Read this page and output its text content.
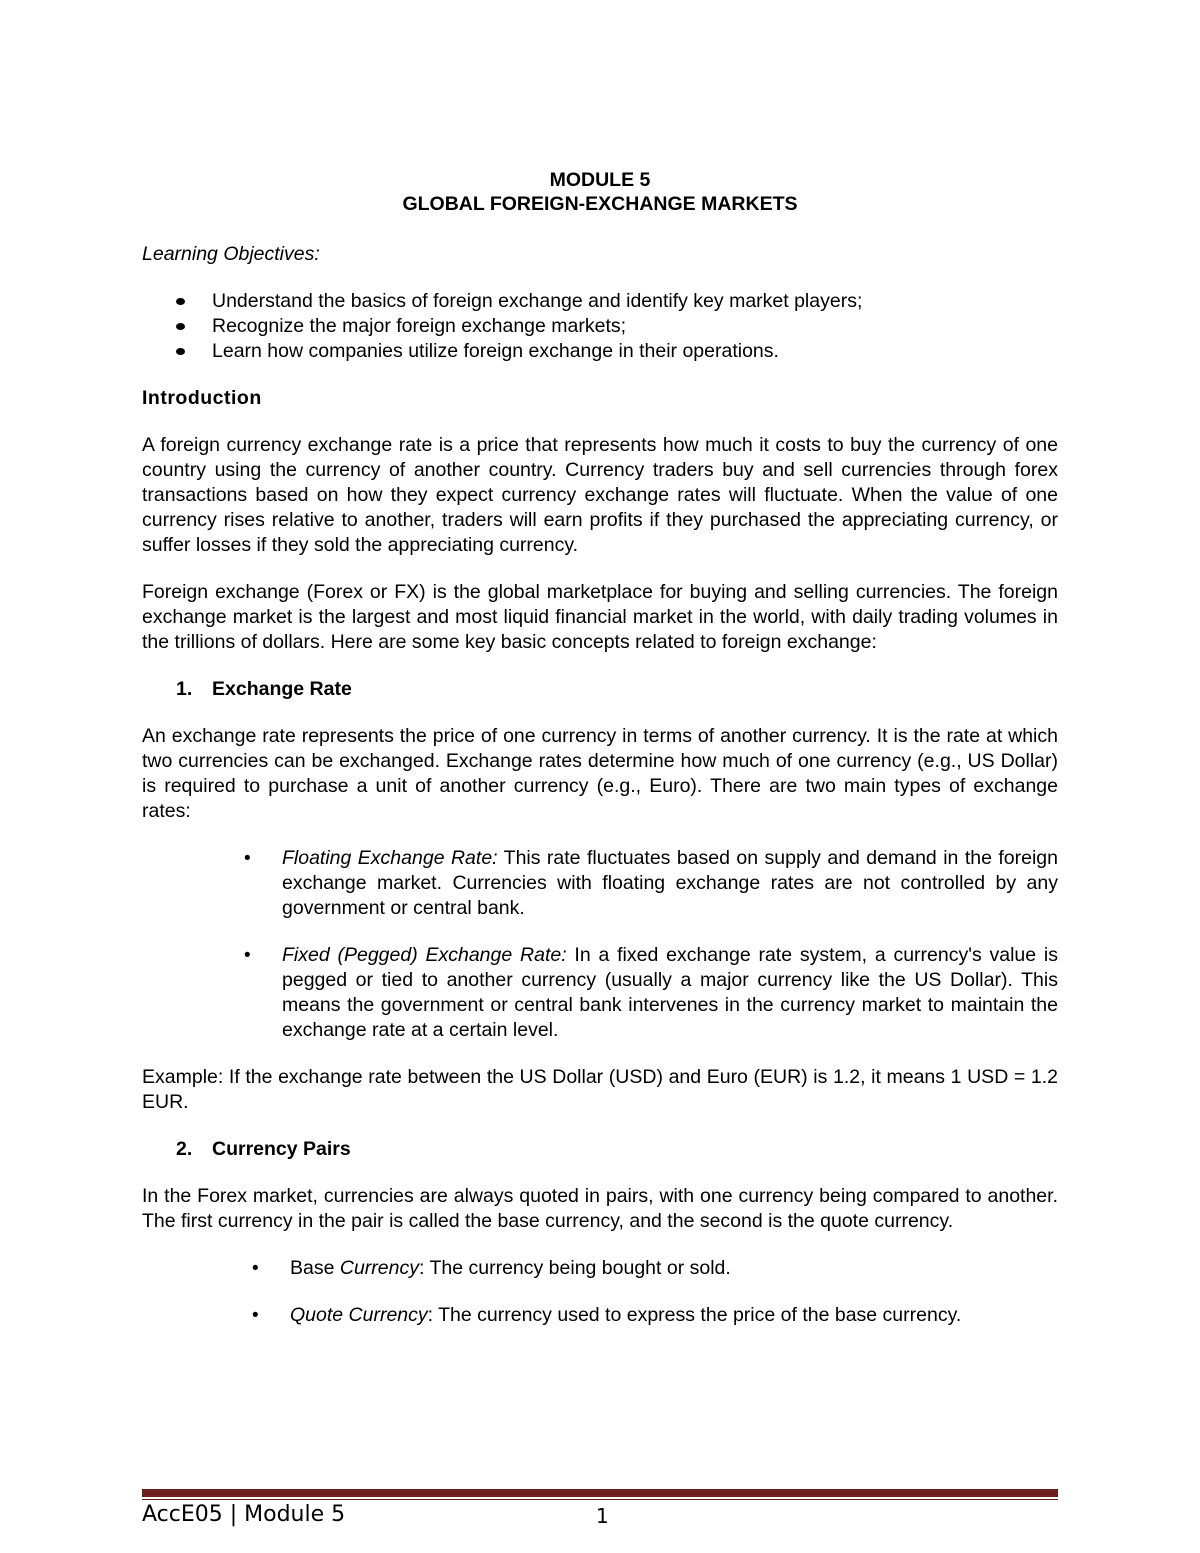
MODULE 5

GLOBAL FOREIGN-EXCHANGE MARKETS

Learning Objectives:

Understand the basics of foreign exchange and identify key market players;
Recognize the major foreign exchange markets;
Learn how companies utilize foreign exchange in their operations.

Introduction

A foreign currency exchange rate is a price that represents how much it costs to buy the currency of one country using the currency of another country. Currency traders buy and sell currencies through forex transactions based on how they expect currency exchange rates will fluctuate. When the value of one currency rises relative to another, traders will earn profits if they purchased the appreciating currency, or suffer losses if they sold the appreciating currency.

Foreign exchange (Forex or FX) is the global marketplace for buying and selling currencies. The foreign exchange market is the largest and most liquid financial market in the world, with daily trading volumes in the trillions of dollars. Here are some key basic concepts related to foreign exchange:

1. Exchange Rate

An exchange rate represents the price of one currency in terms of another currency. It is the rate at which two currencies can be exchanged. Exchange rates determine how much of one currency (e.g., US Dollar) is required to purchase a unit of another currency (e.g., Euro). There are two main types of exchange rates:

• Floating Exchange Rate: This rate fluctuates based on supply and demand in the foreign exchange market. Currencies with floating exchange rates are not controlled by any government or central bank.

• Fixed (Pegged) Exchange Rate: In a fixed exchange rate system, a currency's value is pegged or tied to another currency (usually a major currency like the US Dollar). This means the government or central bank intervenes in the currency market to maintain the exchange rate at a certain level.

Example: If the exchange rate between the US Dollar (USD) and Euro (EUR) is 1.2, it means 1 USD = 1.2 EUR.

2. Currency Pairs

In the Forex market, currencies are always quoted in pairs, with one currency being compared to another. The first currency in the pair is called the base currency, and the second is the quote currency.

• Base Currency: The currency being bought or sold.

• Quote Currency: The currency used to express the price of the base currency.

AccE05 | Module 5	1
